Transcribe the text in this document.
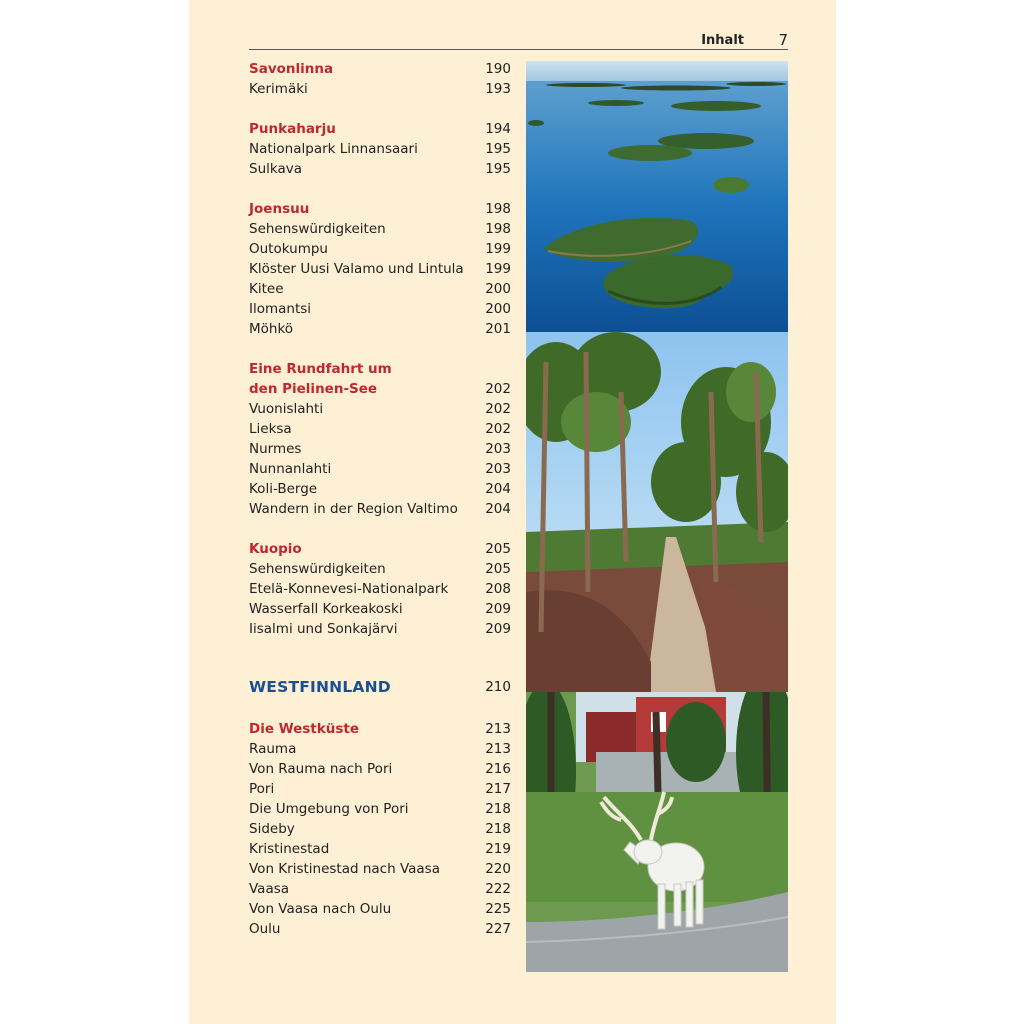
Inhalt 7
Savonlinna	190
Kerimäki	193
Punkaharju	194
Nationalpark Linnansaari	195
Sulkava	195
Joensuu	198
Sehenswürdigkeiten	198
Outokumpu	199
Klöster Uusi Valamo und Lintula 199
Kitee	200
Ilomantsi	200
Möhkö	201
Eine Rundfahrt um
den Pielinen-See	202
Vuonislahti	202
Lieksa	202
Nurmes	203
Nunnanlahti	203
Koli-Berge	204
Wandern in der Region Valtimo 204
Kuopio	205
Sehenswürdigkeiten	205
Etelä-Konnevesi-Nationalpark	208
Wasserfall Korkeakoski	209
Iisalmi und Sonkajärvi	209
WESTFINNLAND	210
Die Westküste	213
Rauma	213
Von Rauma nach Pori	216
Pori	217
Die Umgebung von Pori	218
Sideby	218
Kristinestad	219
Von Kristinestad nach Vaasa	220
Vaasa	222
Von Vaasa nach Oulu	225
Oulu	227
